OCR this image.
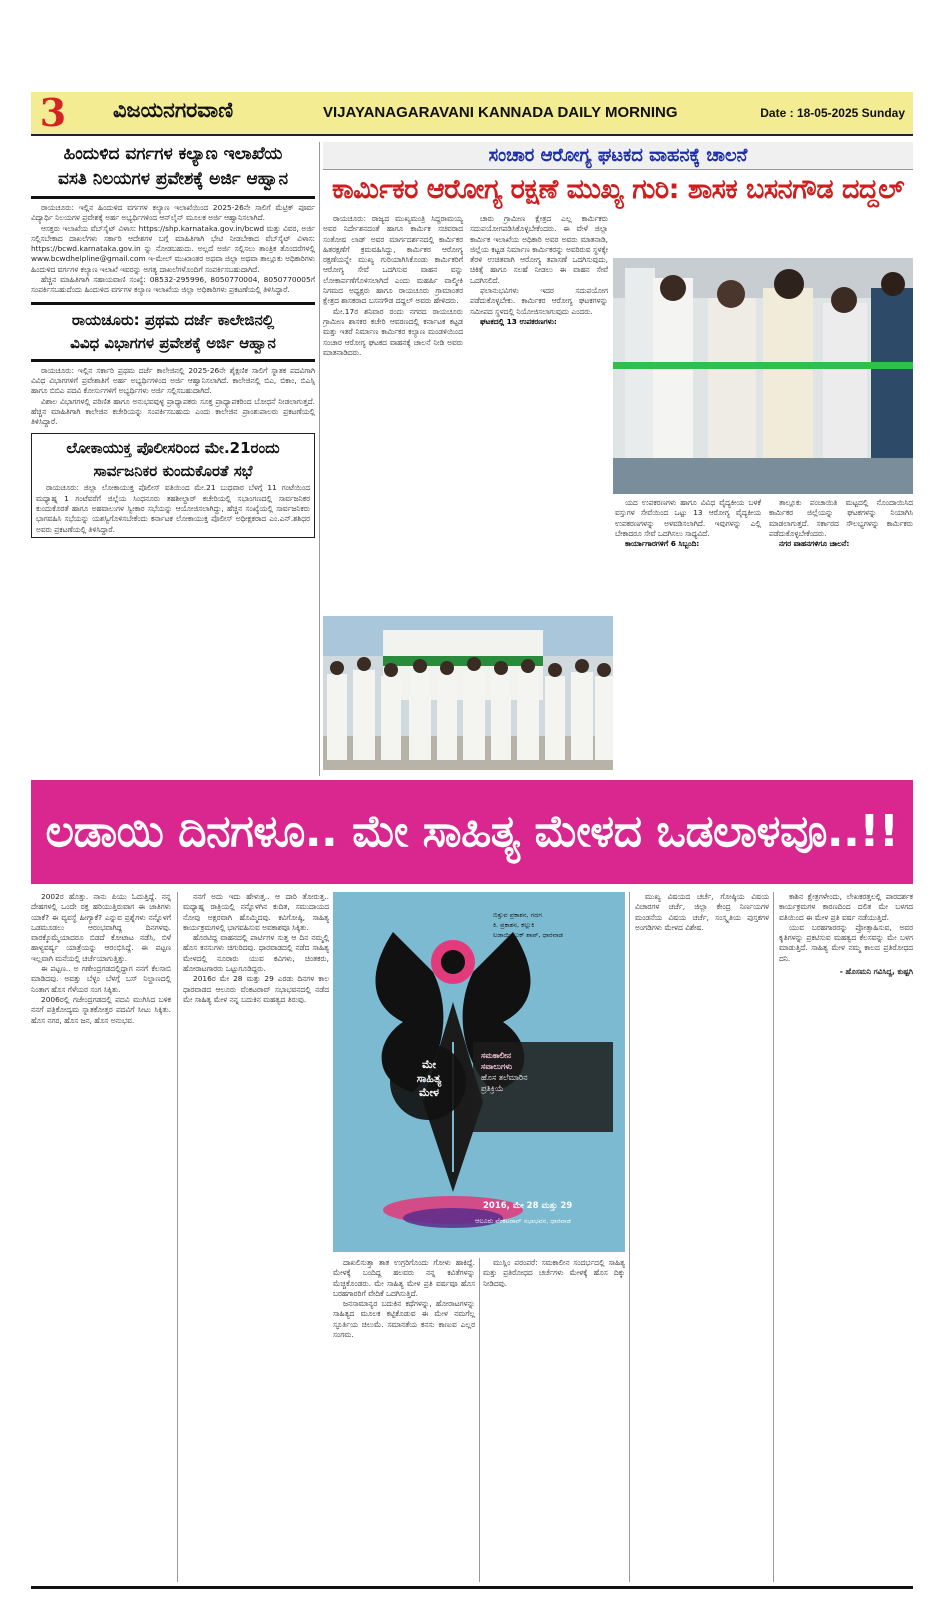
3 ವಿಜಯನಗರವಾಣಿ	VIJAYANAGARAVANI KANNADA DAILY MORNING	Date : 18-05-2025 Sunday
ಹಿಂದುಳಿದ ವರ್ಗಗಳ ಕಲ್ಯಾಣ ಇಲಾಖೆಯ
ವಸತಿ ನಿಲಯಗಳ ಪ್ರವೇಶಕ್ಕೆ ಅರ್ಜಿ ಆಹ್ವಾನ

ರಾಯಚೂರು: ಇಲ್ಲಿನ ಹಿಂದುಳಿದ ವರ್ಗಗಳ ಕಲ್ಯಾಣ ಇಲಾಖೆಯಿಂದ 2025-26ನೇ ಸಾಲಿಗೆ ಮೆಟ್ರಿಕ್ ಪೂರ್ವ ವಿದ್ಯಾರ್ಥಿ ನಿಲಯಗಳ ಪ್ರವೇಶಕ್ಕೆ ಅರ್ಹ ಅಭ್ಯರ್ಥಿಗಳಿಂದ ಆನ್‌ಲೈನ್ ಮೂಲಕ ಅರ್ಜಿ ಆಹ್ವಾನಿಸಲಾಗಿದೆ.

ಆಸಕ್ತರು ಇಲಾಖೆಯ ವೆಬ್‌ಸೈಟ್ ವಿಳಾಸ: https://shp.karnataka.gov.in/bcwd ಮತ್ತು ವಿವರ, ಅರ್ಜಿ ಸಲ್ಲಿಸಬೇಕಾದ ದಾಖಲೆಗಳು ಸರ್ಕಾರಿ ಆದೇಶಗಳ ಬಗ್ಗೆ ಮಾಹಿತಿಗಾಗಿ ಭೇಟಿ ನೀಡಬೇಕಾದ ವೆಬ್‌ಸೈಟ್ ವಿಳಾಸ: https://bcwd.karnataka.gov.in ನ್ನು ನೋಡಬಹುದು. ಅಲ್ಲದೆ ಅರ್ಜಿ ಸಲ್ಲಿಸಲು ತಾಂತ್ರಿಕ ತೊಂದರೆಗಳಲ್ಲಿ www.bcwdhelpline@gmail.com ಇ-ಮೇಲ್ ಮುಖಾಂತರ ಅಥವಾ ಜಿಲ್ಲಾ ಅಥವಾ ತಾಲ್ಲೂಕು ಅಧಿಕಾರಿಗಳು ಹಿಂದುಳಿದ ವರ್ಗಗಳ ಕಲ್ಯಾಣ ಇಲಾಖೆ ಇವರನ್ನು ಅಗತ್ಯ ದಾಖಲೆಗಳೊಂದಿಗೆ ಸಂಪರ್ಕಿಸಬಹುದಾಗಿದೆ.

ಹೆಚ್ಚಿನ ಮಾಹಿತಿಗಾಗಿ ಸಹಾಯವಾಣಿ ಸಂಖ್ಯೆ: 08532-295996, 8050770004, 8050770005ಗೆ ಸಂಪರ್ಕಿಸಬಹುದೆಂದು ಹಿಂದುಳಿದ ವರ್ಗಗಳ ಕಲ್ಯಾಣ ಇಲಾಖೆಯ ಜಿಲ್ಲಾ ಅಧಿಕಾರಿಗಳು ಪ್ರಕಟಣೆಯಲ್ಲಿ ತಿಳಿಸಿದ್ದಾರೆ.

ರಾಯಚೂರು: ಪ್ರಥಮ ದರ್ಜೆ ಕಾಲೇಜಿನಲ್ಲಿ
ವಿವಿಧ ವಿಭಾಗಗಳ ಪ್ರವೇಶಕ್ಕೆ ಅರ್ಜಿ ಆಹ್ವಾನ

ರಾಯಚೂರು: ಇಲ್ಲಿನ ಸರ್ಕಾರಿ ಪ್ರಥಮ ದರ್ಜೆ ಕಾಲೇಜಿನಲ್ಲಿ 2025-26ನೇ ಶೈಕ್ಷಣಿಕ ಸಾಲಿಗೆ ಸ್ನಾತಕ ಪದವಿಗಾಗಿ ವಿವಿಧ ವಿಭಾಗಗಳಿಗೆ ಪ್ರವೇಶಾತಿಗೆ ಅರ್ಹ ಅಭ್ಯರ್ಥಿಗಳಿಂದ ಅರ್ಜಿ ಆಹ್ವಾನಿಸಲಾಗಿದೆ. ಕಾಲೇಜಿನಲ್ಲಿ ಬಿಎ, ಬಿಕಾಂ, ಬಿಎಸ್ಸಿ ಹಾಗೂ ಬಿಬಿಎ ಪದವಿ ಕೋರ್ಸುಗಳಿಗೆ ಅಭ್ಯರ್ಥಿಗಳು ಅರ್ಜಿ ಸಲ್ಲಿಸಬಹುದಾಗಿದೆ.

ವಿಶಾಲ ವಿಭಾಗಗಳಲ್ಲಿ ಪರಿಣಿತ ಹಾಗೂ ಅನುಭವವುಳ್ಳ ಪ್ರಾಧ್ಯಾಪಕರು ಸೂಕ್ತ ಪ್ರಾಧ್ಯಾಪಕರಿಂದ ಬೋಧನೆ ನೀಡಲಾಗುತ್ತದೆ. ಹೆಚ್ಚಿನ ಮಾಹಿತಿಗಾಗಿ ಕಾಲೇಜಿನ ಕಚೇರಿಯನ್ನು ಸಂಪರ್ಕಿಸಬಹುದು ಎಂದು ಕಾಲೇಜಿನ ಪ್ರಾಂಶುಪಾಲರು ಪ್ರಕಟಣೆಯಲ್ಲಿ ತಿಳಿಸಿದ್ದಾರೆ.

ಲೋಕಾಯುಕ್ತ ಪೊಲೀಸರಿಂದ ಮೇ.21ರಂದು
ಸಾರ್ವಜನಿಕರ ಕುಂದುಕೊರತೆ ಸಭೆ

ರಾಯಚೂರು: ಜಿಲ್ಲಾ ಲೋಕಾಯುಕ್ತ ಪೊಲೀಸ್ ವತಿಯಿಂದ ಮೇ.21 ಬುಧವಾರ ಬೆಳಗ್ಗೆ 11 ಗಂಟೆಯಿಂದ ಮಧ್ಯಾಹ್ನ 1 ಗಂಟೆವರೆಗೆ ಜಿಲ್ಲೆಯ ಸಿಂಧನೂರು ತಹಶೀಲ್ದಾರ್ ಕಚೇರಿಯಲ್ಲಿ ಸಭಾಂಗಣದಲ್ಲಿ ಸಾರ್ವಜನಿಕರ ಕುಂದುಕೊರತೆ ಹಾಗೂ ಅಹವಾಲುಗಳ ಸ್ವೀಕಾರ ಸಭೆಯನ್ನು ಆಯೋಜಿಸಲಾಗಿದ್ದು, ಹೆಚ್ಚಿನ ಸಂಖ್ಯೆಯಲ್ಲಿ ಸಾರ್ವಜನಿಕರು ಭಾಗವಹಿಸಿ ಸಭೆಯನ್ನು ಯಶಸ್ವಿಗೊಳಿಸಬೇಕೆಂದು ಕರ್ನಾಟಕ ಲೋಕಾಯುಕ್ತ ಪೊಲೀಸ್ ಅಧೀಕ್ಷಕರಾದ ಎಂ.ಎನ್.ಶಶಿಧರ ಅವರು ಪ್ರಕಟಣೆಯಲ್ಲಿ ತಿಳಿಸಿದ್ದಾರೆ.

ಸಂಚಾರ ಆರೋಗ್ಯ ಘಟಕದ ವಾಹನಕ್ಕೆ ಚಾಲನೆ
ಕಾರ್ಮಿಕರ ಆರೋಗ್ಯ ರಕ್ಷಣೆ ಮುಖ್ಯ ಗುರಿ: ಶಾಸಕ ಬಸನಗೌಡ ದದ್ದಲ್

ರಾಯಚೂರು: ರಾಜ್ಯದ ಮುಖ್ಯಮಂತ್ರಿ ಸಿದ್ದರಾಮಯ್ಯ ಅವರ ನಿರ್ದೇಶನದಂತೆ ಹಾಗೂ ಕಾರ್ಮಿಕ ಸಚಿವರಾದ ಸಂತೋಷ ಲಾಡ್ ಅವರ ಮಾರ್ಗದರ್ಶನದಲ್ಲಿ ಕಾರ್ಮಿಕರ ಹಿತರಕ್ಷಣೆಗೆ ಕ್ರಮವಹಿಸಿದ್ದು, ಕಾರ್ಮಿಕರ ಆರೋಗ್ಯ ರಕ್ಷಣೆಯನ್ನೇ ಮುಖ್ಯ ಗುರಿಯಾಗಿಸಿಕೊಂಡು ಕಾರ್ಮಿಕರಿಗೆ ಆರೋಗ್ಯ ಸೇವೆ ಒದಗಿಸುವ ವಾಹನ ವನ್ನು ಲೋಕಾರ್ಪಣೆಗೊಳಿಸಲಾಗಿದೆ ಎಂದು ಮಹರ್ಷಿ ವಾಲ್ಮೀಕಿ ನಿಗಮದ ಅಧ್ಯಕ್ಷರು ಹಾಗೂ ರಾಯಚೂರು ಗ್ರಾಮಾಂತರ ಕ್ಷೇತ್ರದ ಶಾಸಕರಾದ ಬಸನಗೌಡ ದದ್ದಲ್ ಅವರು ಹೇಳಿದರು.

ಮೇ.17ರ ಶನಿವಾರ ರಂದು ನಗರದ ರಾಯಚೂರು ಗ್ರಾಮೀಣ ಶಾಸಕರ ಕಚೇರಿ ಆವರಣದಲ್ಲಿ ಕರ್ನಾಟಕ ಕಟ್ಟಡ ಮತ್ತು ಇತರೆ ನಿರ್ಮಾಣ ಕಾರ್ಮಿಕರ ಕಲ್ಯಾಣ ಮಂಡಳಿಯಿಂದ ಸಂಚಾರ ಆರೋಗ್ಯ ಘಟಕದ ವಾಹನಕ್ಕೆ ಚಾಲನೆ ನೀಡಿ ಅವರು ಮಾತನಾಡಿದರು.

ಚಾರು ಗ್ರಾಮೀಣ ಕ್ಷೇತ್ರದ ಎಲ್ಲ ಕಾರ್ಮಿಕರು ಸದುಪಯೋಗಪಡಿಸಿಕೊಳ್ಳಬೇಕೆಂದರು. ಈ ವೇಳೆ ಜಿಲ್ಲಾ ಕಾರ್ಮಿಕ ಇಲಾಖೆಯ ಅಧಿಕಾರಿ ಅವರ ಅವರು ಮಾತನಾಡಿ, ಜಿಲ್ಲೆಯ ಕಟ್ಟಡ ನಿರ್ಮಾಣ ಕಾರ್ಮಿಕರನ್ನು ಅವರಿರುವ ಸ್ಥಳಕ್ಕೇ ತೆರಳಿ ಉಚಿತವಾಗಿ ಆರೋಗ್ಯ ತಪಾಸಣೆ ಒದಗಿಸುವುದು, ಚಿಕಿತ್ಸೆ ಹಾಗೂ ಸಲಹೆ ನೀಡಲು ಈ ವಾಹನ ಸೇವೆ ಒದಗಿಸಲಿದೆ.

ಫಲಾನುಭವಿಗಳು ಇದರ ಸದುಪಯೋಗ ಪಡೆದುಕೊಳ್ಳಬೇಕು. ಕಾರ್ಮಿಕರ ಆರೋಗ್ಯ ಘಟಕಗಳನ್ನು ಸಮೀಪದ ಸ್ಥಳದಲ್ಲಿ ನಿಯೋಜಿಸಲಾಗುವುದು ಎಂದರು.

ಘಟಕದಲ್ಲಿ 13 ಉಪಕರಣಗಳು:

ಯದ ಉಪಕರಣಗಳು ಹಾಗೂ ವಿವಿಧ ವೈದ್ಯಕೀಯ ಬಳಕೆ ವಸ್ತುಗಳ ಸೇವೆಯಿಂದ ಒಟ್ಟು 13 ಆರೋಗ್ಯ ವೈದ್ಯಕೀಯ ಉಪಕರಣಗಳನ್ನು ಅಳವಡಿಸಲಾಗಿದೆ. ಇವುಗಳನ್ನು ಎಲ್ಲಿ ಬೇಕಾದರೂ ಸೇವೆ ಒದಗಿಸಲು ಸಾಧ್ಯವಿದೆ.

ಕಾರ್ಯಾಗಾರಗಳಿಗೆ 6 ಸಿಬ್ಬಂದಿ:

ತಾಲ್ಲೂಕು ಪಂಚಾಯಿತಿ ಮಟ್ಟದಲ್ಲಿ ನೊಂದಾಯಿಸಿದ ಕಾರ್ಮಿಕರ ಜಿಲ್ಲೆಯನ್ನು ಘಟಕಗಳನ್ನು ನಿಯಾಗಿಸಿ ಮಾಡಲಾಗುತ್ತದೆ. ಸರ್ಕಾರದ ಸೌಲಭ್ಯಗಳನ್ನು ಕಾರ್ಮಿಕರು ಪಡೆದುಕೊಳ್ಳಬೇಕೆಂದರು.

ನಗರ ವಾಹನಗಳಿಗೂ ಚಾಲನೆ:

ಲಡಾಯಿ ದಿನಗಳೂ.. ಮೇ ಸಾಹಿತ್ಯ ಮೇಳದ ಒಡಲಾಳವೂ..!!

2002ರ ಹೊತ್ತು. ನಾನು ಪಿಯು ಓದುತ್ತಿದ್ದೆ. ನನ್ನ ದೇಹಗಳಲ್ಲಿ ಒಂದೇ ರಕ್ತ ಹರಿಯುತ್ತಿರುವಾಗ ಈ ಜಾತಿಗಳು ಯಾಕೆ? ಈ ವ್ಯವಸ್ಥೆ ಹೀಗ್ಯಾಕೆ? ಎನ್ನುವ ಪ್ರಶ್ನೆಗಳು ನನ್ನೊಳಗೆ ಒಡಮೂಡಲು ಆರಂಭವಾಗಿದ್ದ ದಿನಗಳವು. ವಾರಕ್ಕೊಮ್ಮೆಯಾದರೂ ಬಿಡದೆ ಕೋಟಾಟ ನಡೆಸಿ, ಬಿಳೆ ಹಾಳ್ಯವರ್ಷ್ಯ ಯಾತ್ರೆಯನ್ನು ಆರಂಭಿಸಿದ್ದೆ. ಈ ಪಟ್ಟಣ ಇಲ್ಲವಾಗಿ ಮನೆಯಲ್ಲಿ ಚರ್ಚೆಯಾಗುತ್ತಿತ್ತು.

ಈ ಪಟ್ಟಣ.. ಅ ಗಣೇಂದ್ರಗಡದಲ್ಲಿದ್ದಾಗ ನನಗೆ ಕೆಲಸಾಬಿ ಮಾಡಿದವು. ಅವತ್ತು ಬೆಳ್ಳಂ ಬೆಳಗ್ಗೆ ಬಸ್ ನಿಲ್ದಾಣದಲ್ಲಿ ನಿಂತಾಗ ಹೊಸ ಗೆಳೆಯರ ಸಂಗ ಸಿಕ್ಕಿತು.

2006ರಲ್ಲಿ ಗಜೇಂದ್ರಗಡದಲ್ಲಿ ಪದವಿ ಮುಗಿಸಿದ ಬಳಿಕ ನನಗೆ ಪತ್ರಿಕೋದ್ಯಮ ಸ್ನಾತಕೋತ್ತರ ಪದವಿಗೆ ಸೀಟು ಸಿಕ್ಕಿತು. ಹೊಸ ನಗರ, ಹೊಸ ಜನ, ಹೊಸ ಅನುಭವ.

ನನಗೆ ಅದು ಇದು ಹೇಳುತ್ತ.. ಆ ದಾರಿ ತೋರುತ್ತ.. ಮಧ್ಯಾಹ್ನ ರಾತ್ರಿಯಲ್ಲಿ ನನ್ನೊಳಗಿನ ಕುದಿತ, ಸಮುದಾಯದ ನೋವು ಅಕ್ಷರವಾಗಿ ಹೊಮ್ಮಿದವು. ಕವಿಗೋಷ್ಠಿ, ಸಾಹಿತ್ಯ ಕಾರ್ಯಕ್ರಮಗಳಲ್ಲಿ ಭಾಗವಹಿಸುವ ಅವಕಾಶವೂ ಸಿಕ್ಕಿತು.

ಹೊರಟಿದ್ದ ವಾಹನದಲ್ಲಿ ಪಾರ್ಟಿಗಳ ಸುತ್ತ ಆ ದಿನ ನಮ್ಮಲ್ಲಿ ಹೊಸ ಕನಸುಗಳು ಚಿಗುರಿದವು. ಧಾರವಾಡದಲ್ಲಿ ನಡೆದ ಸಾಹಿತ್ಯ ಮೇಳದಲ್ಲಿ ನೂರಾರು ಯುವ ಕವಿಗಳು, ಚಿಂತಕರು, ಹೋರಾಟಗಾರರು ಒಟ್ಟುಗೂಡಿದ್ದರು.

2016ರ ಮೇ 28 ಮತ್ತು 29 ಎರಡು ದಿನಗಳ ಕಾಲ ಧಾರವಾಡದ ಆಲೂರು ವೆಂಕಟರಾವ್ ಸಭಾಭವನದಲ್ಲಿ ನಡೆದ ಮೇ ಸಾಹಿತ್ಯ ಮೇಳ ನನ್ನ ಬದುಕಿನ ಮಹತ್ವದ ತಿರುವು.

ಬಿತ್ತುವ ಪ್ರಕಾಶನ, ಗದಗ
ಕಿ. ಪ್ರಕಾಶನ, ಕಲ್ಲುಕಿ
ಲಡಾಯಿ ಬುಕ್ ಶಾಪ್, ಧಾರವಾಡ
ಮೇ
ಸಾಹಿತ್ಯ
ಮೇಳ
ಸಮಕಾಲೀನ
ಸವಾಲುಗಳು
ಹೊಸ ತಲೆಮಾರಿನ
ಪ್ರತಿಕ್ರಿಯೆ
2016, ಮೇ 28 ಮತ್ತು 29
ಆಲೂರು ವೆಂಕಟರಾವ್ ಸಭಾಭವನ, ಧಾರವಾಡ

ದಾಖಲಿಸುತ್ತಾ ತಾತ ಉಗ್ರರಿಗೊಂದು ಗೋಳು ಹಾಕಿದ್ದೆ. ಮೇಳಕ್ಕೆ ಬಂದಿದ್ದ ಹಲವರು ನನ್ನ ಕವಿತೆಗಳನ್ನು ಮೆಚ್ಚಿಕೊಂಡರು. ಮೇ ಸಾಹಿತ್ಯ ಮೇಳ ಪ್ರತಿ ವರ್ಷವೂ ಹೊಸ ಬರಹಗಾರರಿಗೆ ವೇದಿಕೆ ಒದಗಿಸುತ್ತಿದೆ.

ಜನಸಾಮಾನ್ಯರ ಬದುಕಿನ ಕಥೆಗಳನ್ನು, ಹೋರಾಟಗಳನ್ನು ಸಾಹಿತ್ಯದ ಮೂಲಕ ಕಟ್ಟಿಕೊಡುವ ಈ ಮೇಳ ನಮಗೆಲ್ಲ ಸ್ಫೂರ್ತಿಯ ಚಿಲುಮೆ. ಸಮಾನತೆಯ ಕನಸು ಕಾಣುವ ಎಲ್ಲರ ಸಂಗಮ.

ಮುಸ್ಲಿಂ ಪರಂಪರೆ: ಸಮಕಾಲೀನ ಸಂದರ್ಭದಲ್ಲಿ ಸಾಹಿತ್ಯ ಮತ್ತು ಪ್ರತಿರೋಧದ ಚರ್ಚೆಗಳು ಮೇಳಕ್ಕೆ ಹೊಸ ದಿಕ್ಕು ನೀಡಿದವು.

ಮುಖ್ಯ ವಿಷಯದ ಚರ್ಚೆ, ಗೋಷ್ಠಿಯ ವಿಷಯ ವಿಚಾರಗಳ ಚರ್ಚೆ, ಜಿಲ್ಲಾ ಕೇಂದ್ರ ನಿರ್ಣಯಗಳ ಮಂಡನೆಯ ವಿಷಯ ಚರ್ಚೆ, ಸಂಸ್ಕೃತಿಯ ಪುಸ್ತಕಗಳ ಅಂಗಡಿಗಳು ಮೇಳದ ವಿಶೇಷ.

ಕಾಶಿನ ಕ್ಷೇತ್ರಗಳೇಂದು, ಲೇಖಕರತ್ತಲಲ್ಲಿ ಪಾರದರ್ಶಕ ಕಾರ್ಯಕ್ರಮಗಳ ಕಾರಣದಿಂದ ದಲಿತ ಮೇ ಬಳಗದ ವತಿಯಿಂದ ಈ ಮೇಳ ಪ್ರತಿ ವರ್ಷ ನಡೆಯುತ್ತಿದೆ.

ಯುವ ಬರಹಗಾರರನ್ನು ಪ್ರೋತ್ಸಾಹಿಸುವ, ಅವರ ಕೃತಿಗಳನ್ನು ಪ್ರಕಟಿಸುವ ಮಹತ್ವದ ಕೆಲಸವನ್ನು ಮೇ ಬಳಗ ಮಾಡುತ್ತಿದೆ. ಸಾಹಿತ್ಯ ಮೇಳ ನಮ್ಮ ಕಾಲದ ಪ್ರತಿರೋಧದ ದನಿ.

- ಹೊಸಮನಿ ಗವಿಸಿದ್ದ, ಕುಷ್ಟಗಿ
